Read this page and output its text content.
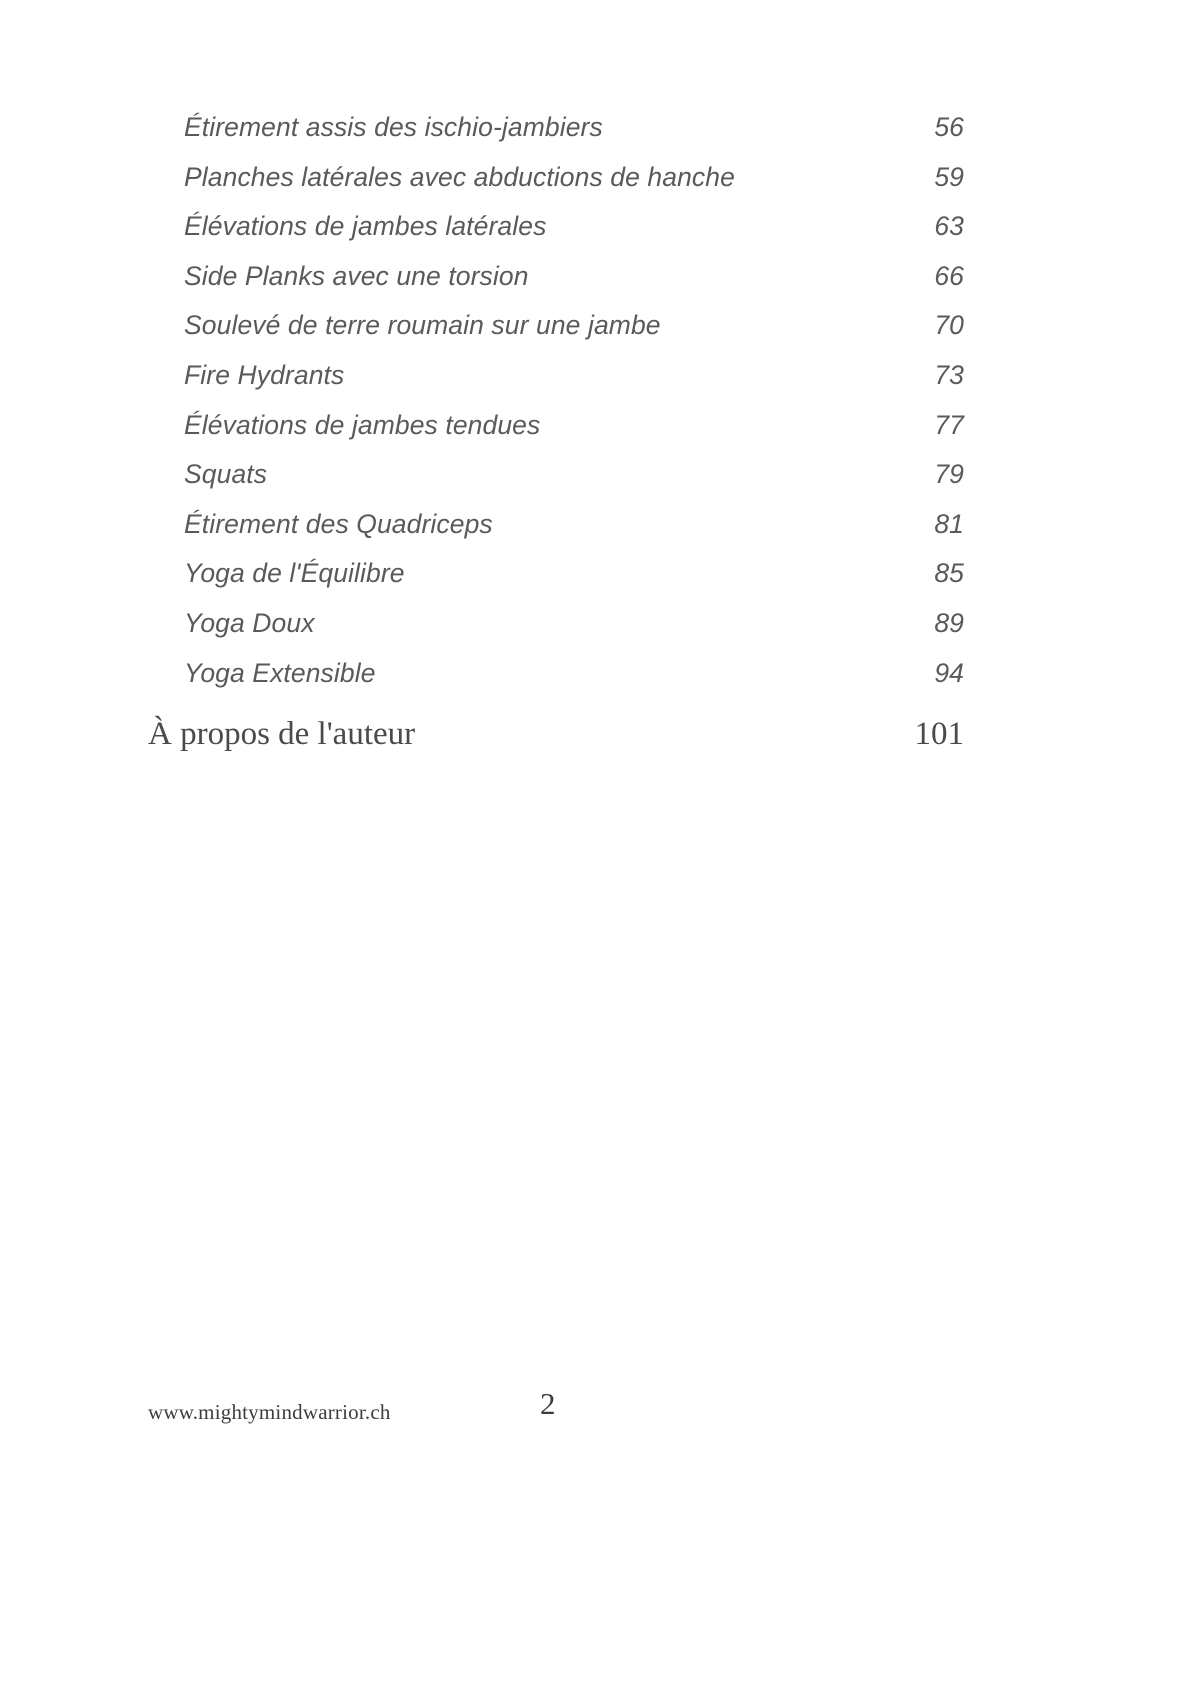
Étirement assis des ischio-jambiers	56
Planches latérales avec abductions de hanche	59
Élévations de jambes latérales	63
Side Planks avec une torsion	66
Soulevé de terre roumain sur une jambe	70
Fire Hydrants	73
Élévations de jambes tendues	77
Squats	79
Étirement des Quadriceps	81
Yoga de l'Équilibre	85
Yoga Doux	89
Yoga Extensible	94
À propos de l'auteur	101
www.mightymindwarrior.ch	2
